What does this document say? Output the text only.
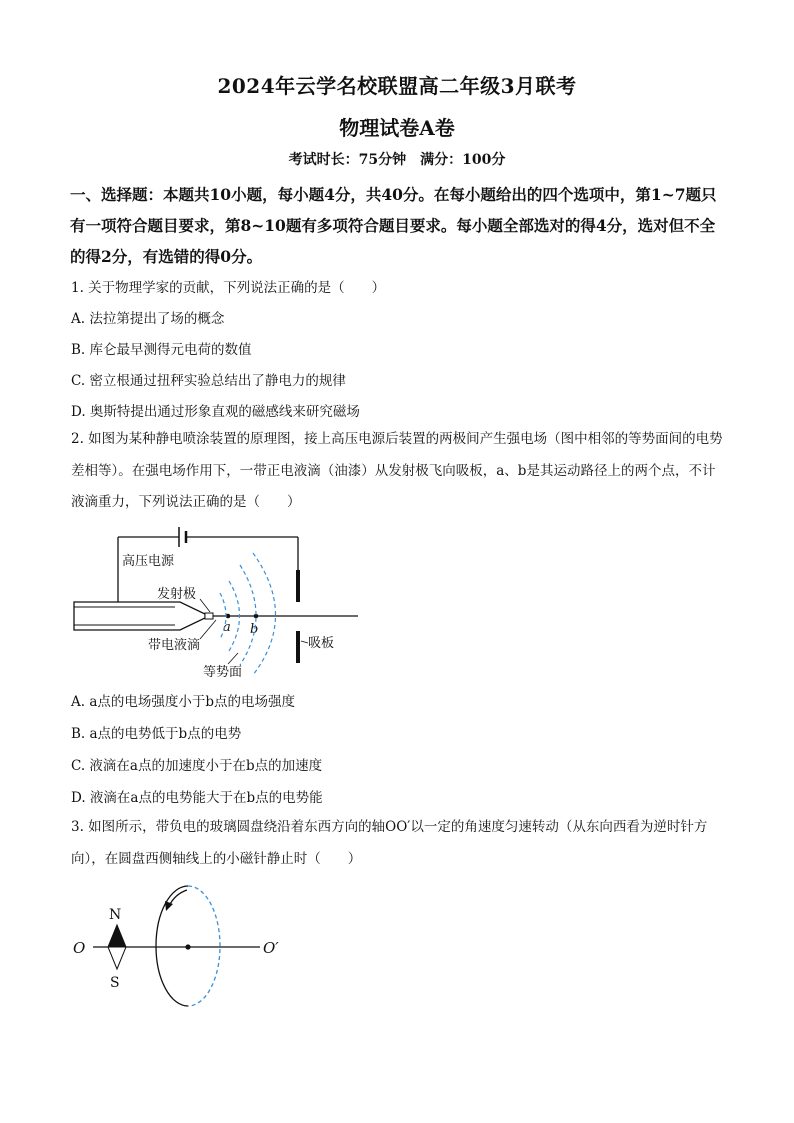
2024年云学名校联盟高二年级3月联考
物理试卷A卷
考试时长：75分钟　满分：100分
一、选择题：本题共10小题，每小题4分，共40分。在每小题给出的四个选项中，第1~7题只有一项符合题目要求，第8~10题有多项符合题目要求。每小题全部选对的得4分，选对但不全的得2分，有选错的得0分。
1. 关于物理学家的贡献，下列说法正确的是（　　）
A. 法拉第提出了场的概念
B. 库仑最早测得元电荷的数值
C. 密立根通过扭秤实验总结出了静电力的规律
D. 奥斯特提出通过形象直观的磁感线来研究磁场
2. 如图为某种静电喷涂装置的原理图，接上高压电源后装置的两极间产生强电场（图中相邻的等势面间的电势差相等）。在强电场作用下，一带正电液滴（油漆）从发射极飞向吸板，a、b是其运动路径上的两个点，不计液滴重力，下列说法正确的是（　　）
高压电源
发射极
带电液滴
a b
等势面
吸板
A. a点的电场强度小于b点的电场强度
B. a点的电势低于b点的电势
C. 液滴在a点的加速度小于在b点的加速度
D. 液滴在a点的电势能大于在b点的电势能
3. 如图所示，带负电的玻璃圆盘绕沿着东西方向的轴OO′以一定的角速度匀速转动（从东向西看为逆时针方向），在圆盘西侧轴线上的小磁针静止时（　　）
O	O′
N
S
